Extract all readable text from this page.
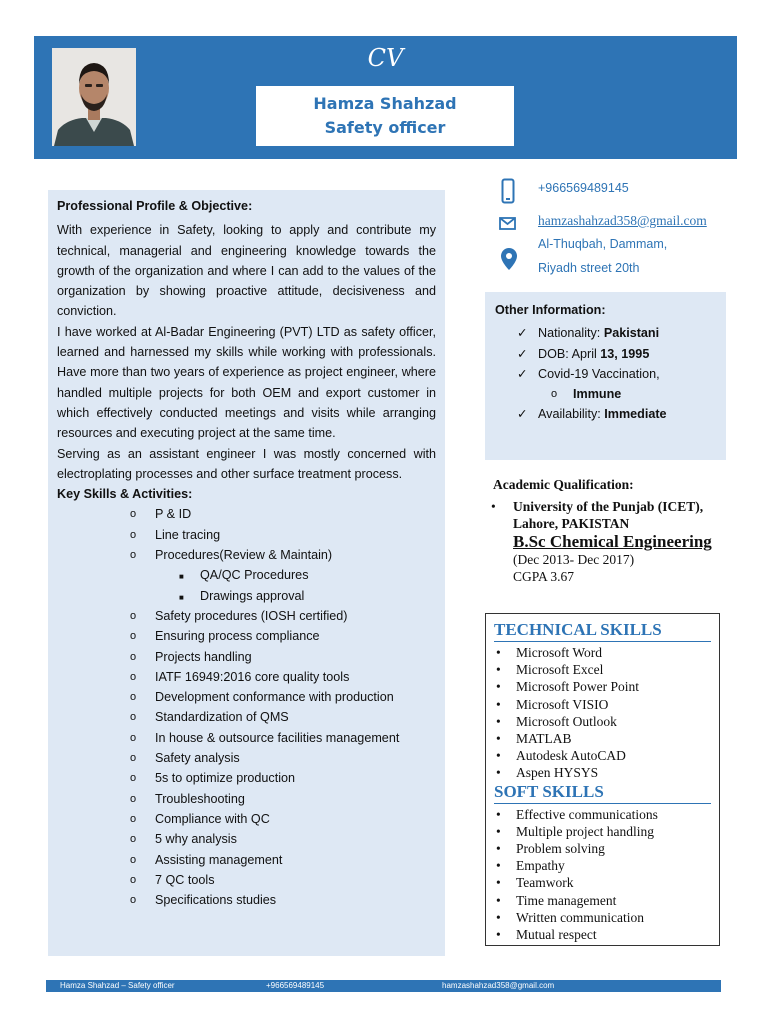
CV
Hamza Shahzad
Safety officer
Professional Profile & Objective:

With experience in Safety, looking to apply and contribute my technical, managerial and engineering knowledge towards the growth of the organization and where I can add to the values of the organization by showing proactive attitude, decisiveness and conviction.

I have worked at Al-Badar Engineering (PVT) LTD as safety officer, learned and harnessed my skills while working with professionals. Have more than two years of experience as project engineer, where handled multiple projects for both OEM and export customer in which effectively conducted meetings and visits while arranging resources and executing project at the same time.

Serving as an assistant engineer I was mostly concerned with electroplating processes and other surface treatment process.

Key Skills & Activities:
o P & ID
o Line tracing
o Procedures(Review & Maintain)
■ QA/QC Procedures
■ Drawings approval
o Safety procedures (IOSH certified)
o Ensuring process compliance
o Projects handling
o IATF 16949:2016 core quality tools
o Development conformance with production
o Standardization of QMS
o In house & outsource facilities management
o Safety analysis
o 5s to optimize production
o Troubleshooting
o Compliance with QC
o 5 why analysis
o Assisting management
o 7 QC tools
o Specifications studies
+966569489145
hamzashahzad358@gmail.com
Al-Thuqbah, Dammam,
Riyadh street 20th
Other Information:
✓ Nationality: Pakistani
✓ DOB: April 13, 1995
✓ Covid-19 Vaccination,
o Immune
✓ Availability: Immediate
Academic Qualification:
• University of the Punjab (ICET), Lahore, PAKISTAN
B.Sc Chemical Engineering
(Dec 2013- Dec 2017)
CGPA 3.67
TECHNICAL SKILLS
• Microsoft Word
• Microsoft Excel
• Microsoft Power Point
• Microsoft VISIO
• Microsoft Outlook
• MATLAB
• Autodesk AutoCAD
• Aspen HYSYS
SOFT SKILLS
• Effective communications
• Multiple project handling
• Problem solving
• Empathy
• Teamwork
• Time management
• Written communication
• Mutual respect
Hamza Shahzad – Safety officer	+966569489145	hamzashahzad358@gmail.com
